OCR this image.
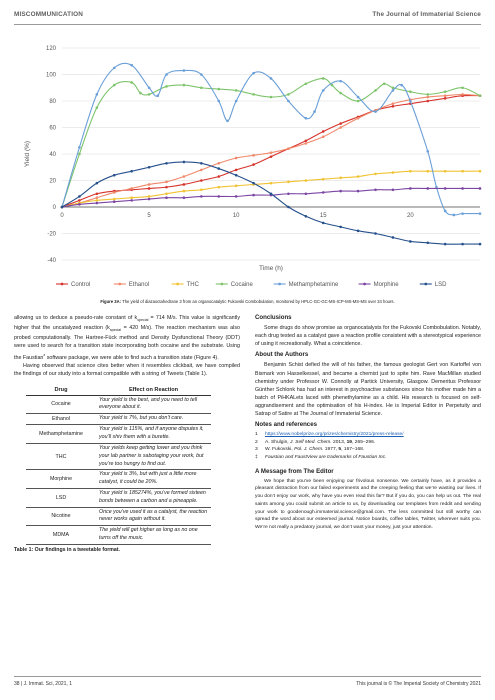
MISCOMMUNICATION	The Journal of Immaterial Science
-40
-20
0
20
40
60
80
100
120
0	5	10	15	20
Yield (%)
Time (h)
Control	Ethanol	THC	Cocaine	Methamphetamine	Morphine	LSD
Figure 3A: The yield of diazaoctahedrane 3 from an organocatalytic Fukovski Combobulation, monitored by HPLC-GC-GC-MS-ICP-MS-MS-MS over 24 hours.

allowing us to deduce a pseudo-rate constant of $k_{special} = 714$ M/s. This value is significantly higher that the uncatalyzed reaction ($k_{special} = 420$ M/s). The reaction mechanism was also probed computationally. The Hartree-Fück method and Density Dysfunctional Theory (DDT) were used to search for a transition state incorporating both cocaine and the substrate. Using the Faustian$^z$ software package, we were able to find such a transition state (Figure 4).

Having observed that science cites better when it resembles clickbait, we have compiled the findings of our study into a format compatible with a string of Tweets (Table 1).

Drug	Effect on Reaction
Cocaine	Your yield is the best, and you need to tell everyone about it.
Ethanol	Your yield is 7%, but you don’t care.
Methamphetamine	Your yield is 115%, and if anyone disputes it, you’ll shiv them with a burette.
THC	Your yields keep getting lower and you think your lab partner is sabotaging your work, but you’re too hungry to find out.
Morphine	Your yield is 3%, but with just a little more catalyst, it could be 20%.
LSD	Your yield is 185274%, you’ve formed sixteen bonds between a carbon and a pineapple.
Nicotine	Once you’ve used it as a catalyst, the reaction never works again without it.
MDMA	The yield will get higher as long as no one turns off the music.
Table 1: Our findings in a tweetable format.
Conclusions

Some drugs do show promise as organocatalysts for the Fukovski Combobulation. Notably, each drug tested as a catalyst gave a reaction profile consistent with a stereotypical experience of using it recreationally. What a coincidence.

About the Authors

Benjamin Schist defied the will of his father, the famous geologist Gert von Kartoffel von Bismark von Hasselkessel, and became a chemist just to spite him. Rave MacMillan studied chemistry under Professor W. Connolly at Partick University, Glasgow. Demeritus Professor Günther Schlonk has had an interest in psychoactive substances since his mother made him a batch of PiHKALets laced with phenethylamine as a child. His research is focused on self-aggrandisement and the optimisation of his H-index. He is Imperial Editor in Perpetuity and Satrap of Satire at The Journal of Immaterial Science.

Notes and references
1	https://www.nobelprize.org/prizes/chemistry/2021/press-release/
2	A. Shulgin, J. Self Med. Chem. 2013, 19, 265–296.
3	W. Fukovski, Pol. J. Chem. 1977, 5, 167–168.
‡	Faustian and FaustView are trademarks of Faustian Inc.
A Message from The Editor

We hope that you’ve been enjoying our frivolous nonsense. We certainly have, as it provides a pleasant distraction from our failed experiments and the creeping feeling that we’re wasting our lives. If you don’t enjoy our work, why have you even read this far? But if you do, you can help us out. The real saints among you could submit an article to us, by downloading our templates from reddit and sending your work to goodenough.immaterial.science@gmail.com. The less committed but still worthy can spread the word about our esteemed journal. Notice boards, coffee tables, Twitter, wherever suits you. We’re not really a predatory journal, we don’t want your money, just your attention.

38 | J. Immat. Sci, 2021, 1	This journal is © The Imperial Society of Chemistry 2021
